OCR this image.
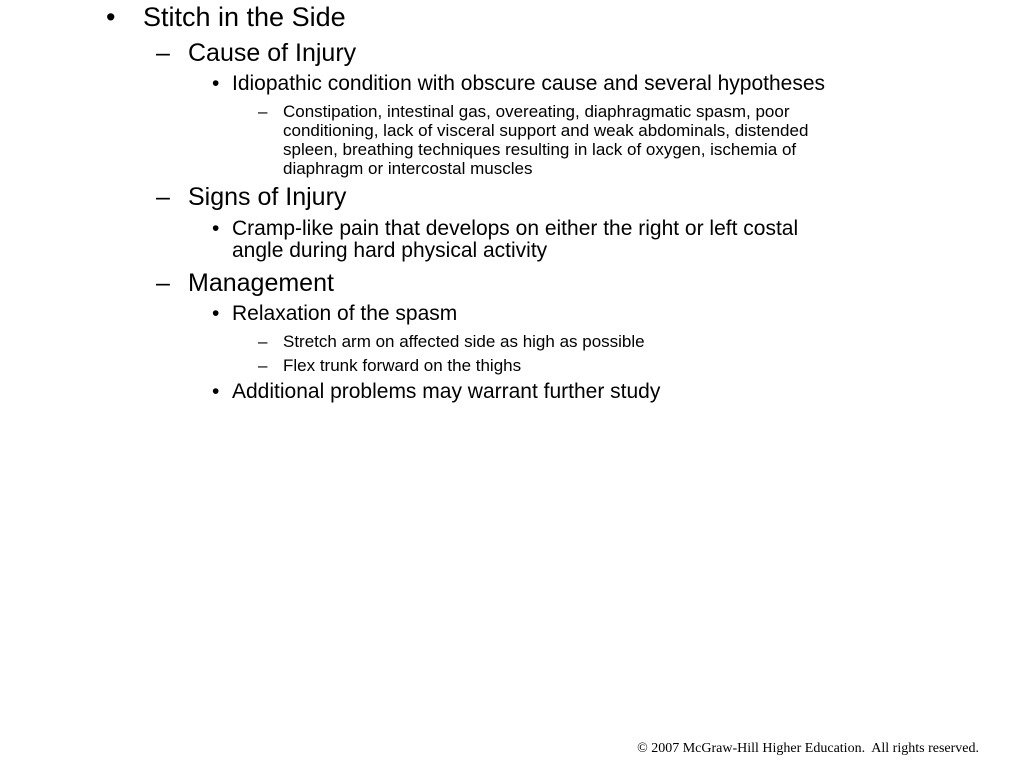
•	Stitch in the Side
– Cause of Injury
• Idiopathic condition with obscure cause and several hypotheses
– Constipation, intestinal gas, overeating, diaphragmatic spasm, poor
conditioning, lack of visceral support and weak abdominals, distended
spleen, breathing techniques resulting in lack of oxygen, ischemia of
diaphragm or intercostal muscles
– Signs of Injury
• Cramp-like pain that develops on either the right or left costal
angle during hard physical activity
– Management
• Relaxation of the spasm
– Stretch arm on affected side as high as possible
– Flex trunk forward on the thighs
• Additional problems may warrant further study
© 2007 McGraw-Hill Higher Education.  All rights reserved.
